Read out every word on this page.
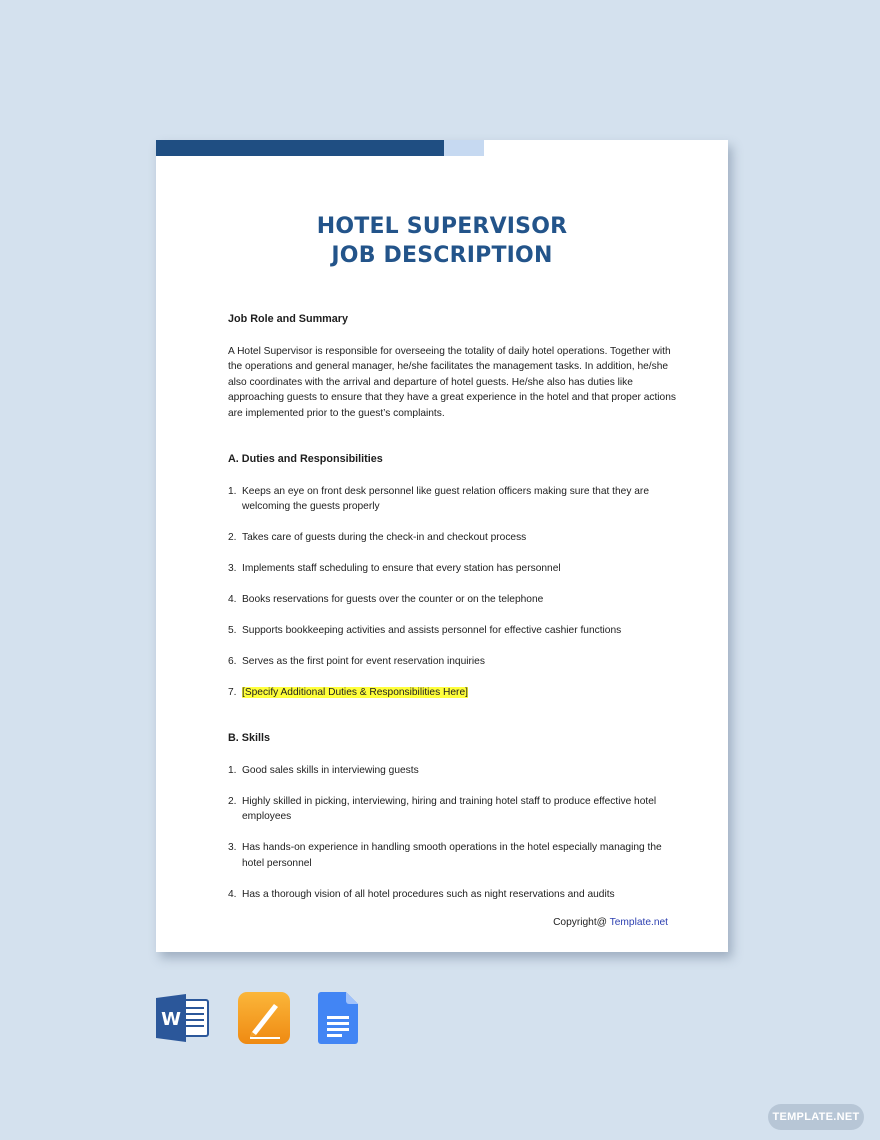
HOTEL SUPERVISOR
JOB DESCRIPTION

Job Role and Summary

A Hotel Supervisor is responsible for overseeing the totality of daily hotel operations. Together with the operations and general manager, he/she facilitates the management tasks. In addition, he/she also coordinates with the arrival and departure of hotel guests. He/she also has duties like approaching guests to ensure that they have a great experience in the hotel and that proper actions are implemented prior to the guest’s complaints.

A. Duties and Responsibilities

1. Keeps an eye on front desk personnel like guest relation officers making sure that they are welcoming the guests properly
2. Takes care of guests during the check-in and checkout process
3. Implements staff scheduling to ensure that every station has personnel
4. Books reservations for guests over the counter or on the telephone
5. Supports bookkeeping activities and assists personnel for effective cashier functions
6. Serves as the first point for event reservation inquiries
7. [Specify Additional Duties & Responsibilities Here]

B. Skills

1. Good sales skills in interviewing guests
2. Highly skilled in picking, interviewing, hiring and training hotel staff to produce effective hotel employees
3. Has hands-on experience in handling smooth operations in the hotel especially managing the hotel personnel
4. Has a thorough vision of all hotel procedures such as night reservations and audits
Copyright@ Template.net
W
TEMPLATE.NET
